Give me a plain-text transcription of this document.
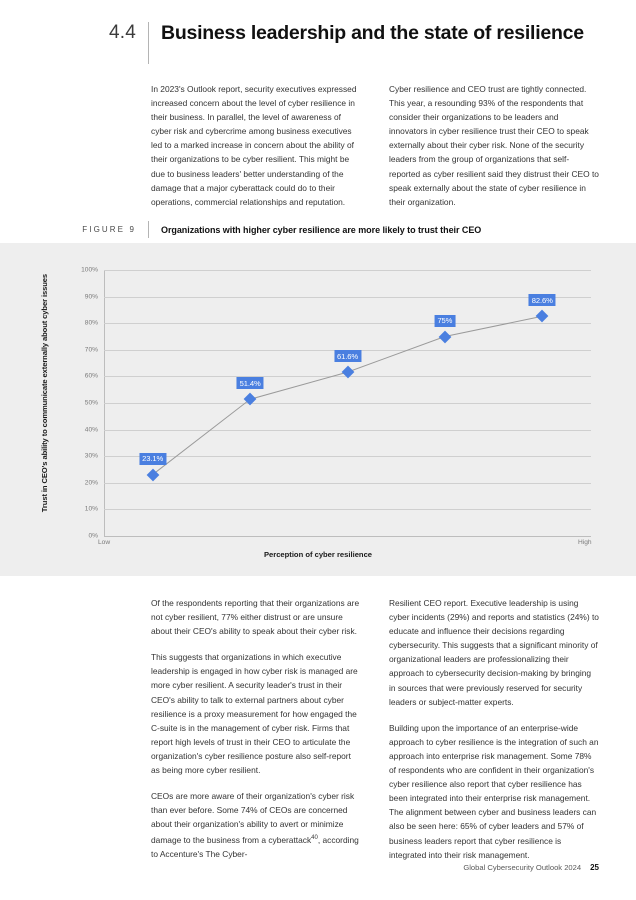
4.4	Business leadership and the state of resilience

In 2023's Outlook report, security executives expressed increased concern about the level of cyber resilience in their business. In parallel, the level of awareness of cyber risk and cybercrime among business executives led to a marked increase in concern about the ability of their organizations to be cyber resilient. This might be due to business leaders' better understanding of the damage that a major cyberattack could do to their operations, commercial relationships and reputation.

Cyber resilience and CEO trust are tightly connected. This year, a resounding 93% of the respondents that consider their organizations to be leaders and innovators in cyber resilience trust their CEO to speak externally about their cyber risk. None of the security leaders from the group of organizations that self-reported as cyber resilient said they distrust their CEO to speak externally about the state of cyber resilience in their organization.

FIGURE 9	Organizations with higher cyber resilience are more likely to trust their CEO
Trust in CEO's ability to communicate externally about cyber issues
100%
90%
80%
70%
60%
50%
40%
30%
20%
10%
0%
23.1%
51.4%
61.6%
75%
82.6%
Low	High
Perception of cyber resilience

Of the respondents reporting that their organizations are not cyber resilient, 77% either distrust or are unsure about their CEO's ability to speak about their cyber risk.

This suggests that organizations in which executive leadership is engaged in how cyber risk is managed are more cyber resilient. A security leader's trust in their CEO's ability to talk to external partners about cyber resilience is a proxy measurement for how engaged the C-suite is in the management of cyber risk. Firms that report high levels of trust in their CEO to articulate the organization's cyber resilience posture also self-report as being more cyber resilient.

CEOs are more aware of their organization's cyber risk than ever before. Some 74% of CEOs are concerned about their organization's ability to avert or minimize damage to the business from a cyberattack$^{40}$, according to Accenture's The Cyber-

Resilient CEO report. Executive leadership is using cyber incidents (29%) and reports and statistics (24%) to educate and influence their decisions regarding cybersecurity. This suggests that a significant minority of organizational leaders are professionalizing their approach to cybersecurity decision-making by bringing in sources that were previously reserved for security leaders or subject-matter experts.

Building upon the importance of an enterprise-wide approach to cyber resilience is the integration of such an approach into enterprise risk management. Some 78% of respondents who are confident in their organization's cyber resilience also report that cyber resilience has been integrated into their enterprise risk management. The alignment between cyber and business leaders can also be seen here: 65% of cyber leaders and 57% of business leaders report that cyber resilience is integrated into their risk management.

Global Cybersecurity Outlook 2024 25
